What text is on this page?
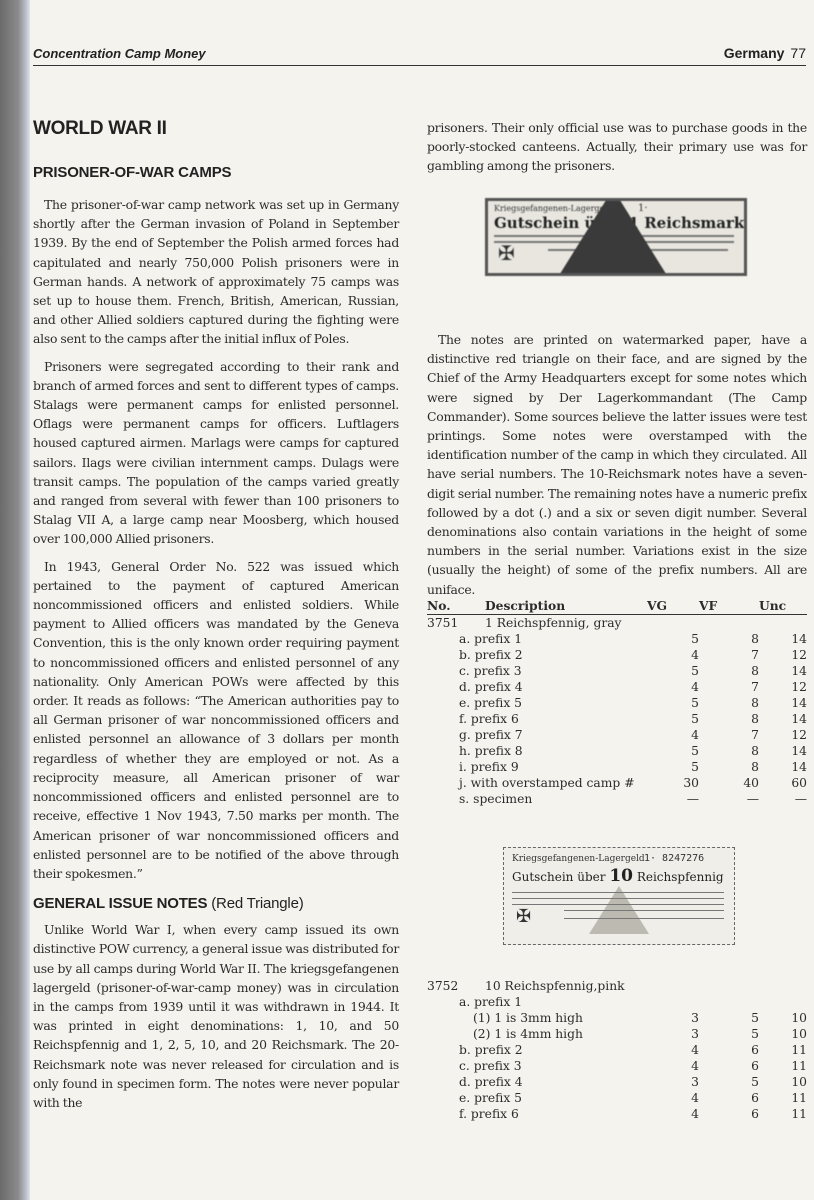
Concentration Camp Money	Germany 77
WORLD WAR II
PRISONER-OF-WAR CAMPS

The prisoner-of-war camp network was set up in Germany shortly after the German invasion of Poland in September 1939. By the end of September the Polish armed forces had capitulated and nearly 750,000 Polish prisoners were in German hands. A network of approximately 75 camps was set up to house them. French, British, American, Russian, and other Allied soldiers captured during the fighting were also sent to the camps after the initial influx of Poles.

Prisoners were segregated according to their rank and branch of armed forces and sent to different types of camps. Stalags were permanent camps for enlisted personnel. Oflags were permanent camps for officers. Luftlagers housed captured airmen. Marlags were camps for captured sailors. Ilags were civilian internment camps. Dulags were transit camps. The population of the camps varied greatly and ranged from several with fewer than 100 prisoners to Stalag VII A, a large camp near Moosberg, which housed over 100,000 Allied prisoners.

In 1943, General Order No. 522 was issued which pertained to the payment of captured American noncommissioned officers and enlisted soldiers. While payment to Allied officers was mandated by the Geneva Convention, this is the only known order requiring payment to noncommissioned officers and enlisted personnel of any nationality. Only American POWs were affected by this order. It reads as follows: “The American authorities pay to all German prisoner of war noncommissioned officers and enlisted personnel an allowance of 3 dollars per month regardless of whether they are employed or not. As a reciprocity measure, all American prisoner of war noncommissioned officers and enlisted personnel are to receive, effective 1 Nov 1943, 7.50 marks per month. The American prisoner of war noncommissioned officers and enlisted personnel are to be notified of the above through their spokesmen.”

GENERAL ISSUE NOTES (Red Triangle)

Unlike World War I, when every camp issued its own distinctive POW currency, a general issue was distributed for use by all camps during World War II. The kriegsgefangenen lagergeld (prisoner-of-war-camp money) was in circulation in the camps from 1939 until it was withdrawn in 1944. It was printed in eight denominations: 1, 10, and 50 Reichspfennig and 1, 2, 5, 10, and 20 Reichsmark. The 20-Reichsmark note was never released for circulation and is only found in specimen form. The notes were never popular with the

prisoners. Their only official use was to purchase goods in the poorly-stocked canteens. Actually, their primary use was for gambling among the prisoners.

Kriegsgefangenen-Lagergeld	1·
Gutschein über 1 Reichsmark
✠

The notes are printed on watermarked paper, have a distinctive red triangle on their face, and are signed by the Chief of the Army Headquarters except for some notes which were signed by Der Lagerkommandant (The Camp Commander). Some sources believe the latter issues were test printings. Some notes were overstamped with the identification number of the camp in which they circulated. All have serial numbers. The 10-Reichsmark notes have a seven-digit serial number. The remaining notes have a numeric prefix followed by a dot (.) and a six or seven digit number. Several denominations also contain variations in the height of some numbers in the serial number. Variations exist in the size (usually the height) of some of the prefix numbers. All are uniface.

No.	Description	VG	VF	Unc
3751	1 Reichspfennig, gray			
a. prefix 1		5	8	14
b. prefix 2		4	7	12
c. prefix 3		5	8	14
d. prefix 4		4	7	12
e. prefix 5		5	8	14
f. prefix 6		5	8	14
g. prefix 7		4	7	12
h. prefix 8		5	8	14
i. prefix 9		5	8	14
j. with overstamped camp #		30	40	60
s. specimen		—	—	—
Kriegsgefangenen-Lagergeld 1· 8247276
Gutschein über 10 Reichspfennig
✠
3752	10 Reichspfennig,pink			
a. prefix 1				
(1) 1 is 3mm high		3	5	10
(2) 1 is 4mm high		3	5	10
b. prefix 2		4	6	11
c. prefix 3		4	6	11
d. prefix 4		3	5	10
e. prefix 5		4	6	11
f. prefix 6		4	6	11
